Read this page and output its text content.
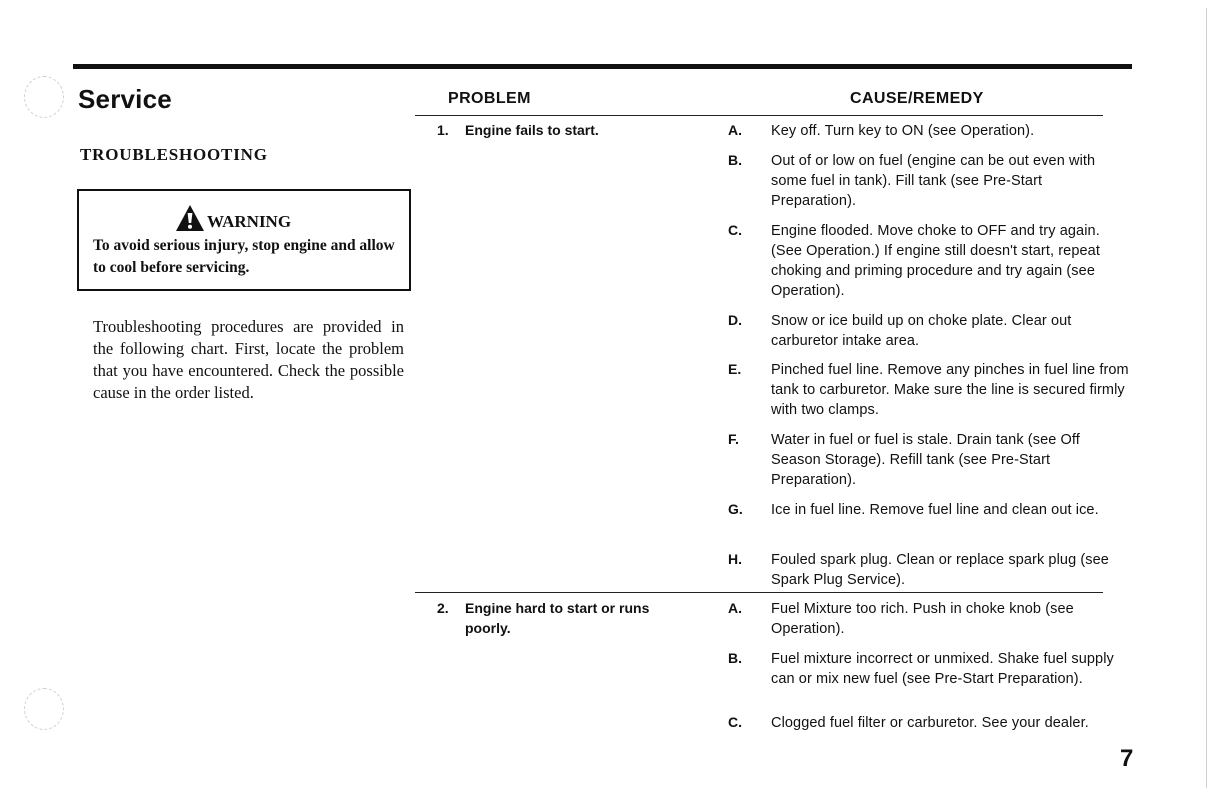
Service
TROUBLESHOOTING
WARNING
To avoid serious injury, stop engine and allow to cool before servicing.
Troubleshooting procedures are provided in the following chart. First, locate the problem that you have encountered. Check the possible cause in the order listed.
PROBLEM	CAUSE/REMEDY
1. Engine fails to start.	A. Key off. Turn key to ON (see Operation).
B. Out of or low on fuel (engine can be out even with some fuel in tank). Fill tank (see Pre-Start Preparation).
C. Engine flooded. Move choke to OFF and try again. (See Operation.) If engine still doesn't start, repeat choking and priming procedure and try again (see Operation).
D. Snow or ice build up on choke plate. Clear out carburetor intake area.
E. Pinched fuel line. Remove any pinches in fuel line from tank to carburetor. Make sure the line is secured firmly with two clamps.
F. Water in fuel or fuel is stale. Drain tank (see Off Season Storage). Refill tank (see Pre-Start Preparation).
G. Ice in fuel line. Remove fuel line and clean out ice.
H. Fouled spark plug. Clean or replace spark plug (see Spark Plug Service).
2. Engine hard to start or runs poorly.
A. Fuel Mixture too rich. Push in choke knob (see Operation).
B. Fuel mixture incorrect or unmixed. Shake fuel supply can or mix new fuel (see Pre-Start Preparation).
C. Clogged fuel filter or carburetor. See your dealer.
7
